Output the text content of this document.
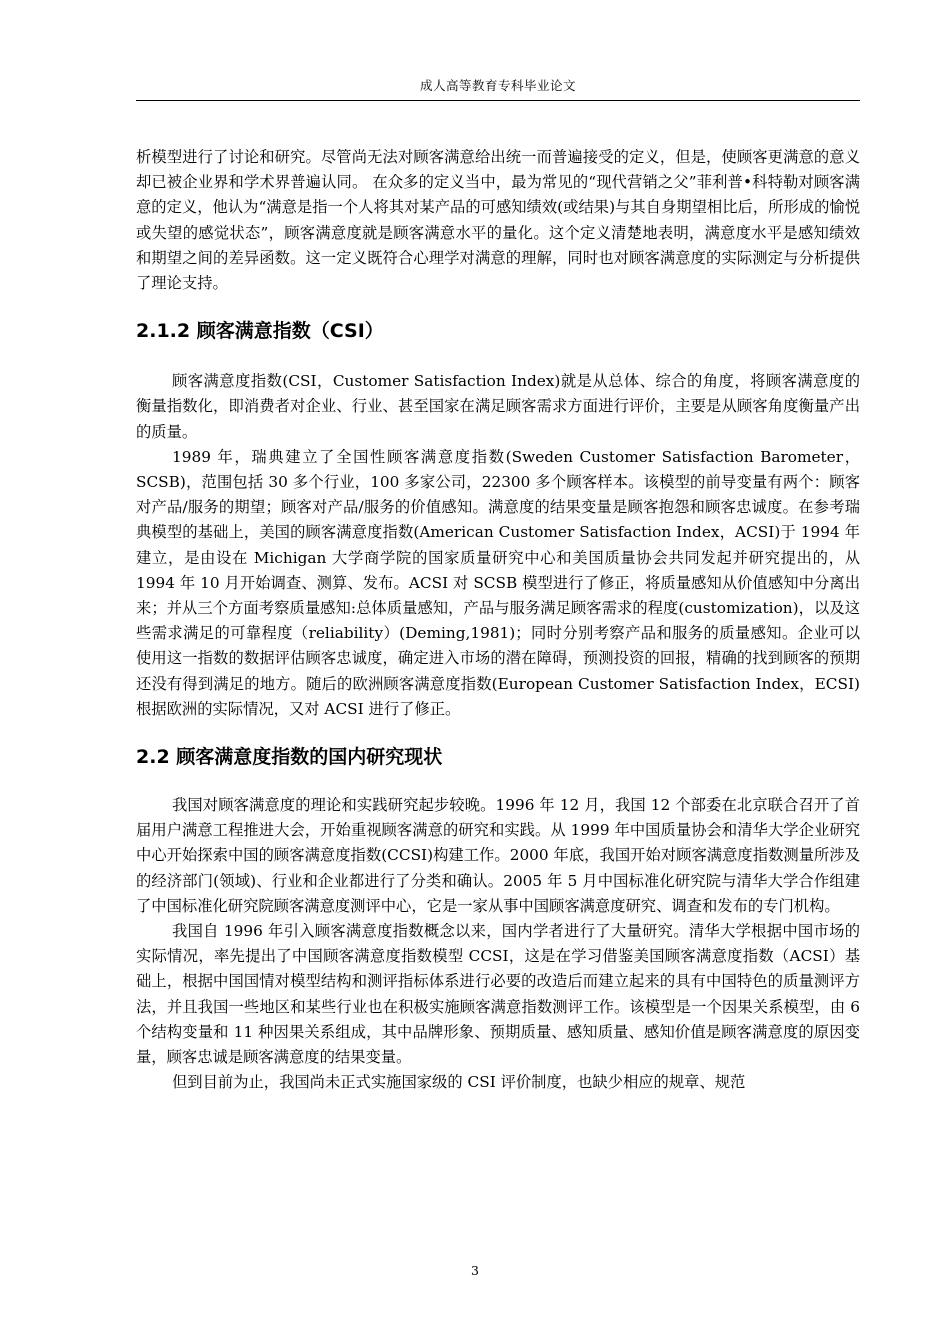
成人高等教育专科毕业论文

析模型进行了讨论和研究。尽管尚无法对顾客满意给出统一而普遍接受的定义，但是，使顾客更满意的意义却已被企业界和学术界普遍认同。 在众多的定义当中，最为常见的“现代营销之父”菲利普•科特勒对顾客满意的定义，他认为“满意是指一个人将其对某产品的可感知绩效(或结果)与其自身期望相比后，所形成的愉悦或失望的感觉状态”，顾客满意度就是顾客满意水平的量化。这个定义清楚地表明，满意度水平是感知绩效和期望之间的差异函数。这一定义既符合心理学对满意的理解，同时也对顾客满意度的实际测定与分析提供了理论支持。

2.1.2 顾客满意指数（CSI）

顾客满意度指数(CSI，Customer Satisfaction Index)就是从总体、综合的角度，将顾客满意度的衡量指数化，即消费者对企业、行业、甚至国家在满足顾客需求方面进行评价，主要是从顾客角度衡量产出的质量。

1989 年，瑞典建立了全国性顾客满意度指数(Sweden Customer Satisfaction Barometer，SCSB)，范围包括 30 多个行业，100 多家公司，22300 多个顾客样本。该模型的前导变量有两个：顾客对产品/服务的期望；顾客对产品/服务的价值感知。满意度的结果变量是顾客抱怨和顾客忠诚度。在参考瑞典模型的基础上，美国的顾客满意度指数(American Customer Satisfaction Index，ACSI)于 1994 年建立，是由设在 Michigan 大学商学院的国家质量研究中心和美国质量协会共同发起并研究提出的，从 1994 年 10 月开始调查、测算、发布。ACSI 对 SCSB 模型进行了修正，将质量感知从价值感知中分离出来；并从三个方面考察质量感知:总体质量感知，产品与服务满足顾客需求的程度(customization)，以及这些需求满足的可靠程度（reliability）(Deming,1981)；同时分别考察产品和服务的质量感知。企业可以使用这一指数的数据评估顾客忠诚度，确定进入市场的潜在障碍，预测投资的回报，精确的找到顾客的预期还没有得到满足的地方。随后的欧洲顾客满意度指数(European Customer Satisfaction Index，ECSI)根据欧洲的实际情况，又对 ACSI 进行了修正。

2.2 顾客满意度指数的国内研究现状

我国对顾客满意度的理论和实践研究起步较晚。1996 年 12 月，我国 12 个部委在北京联合召开了首届用户满意工程推进大会，开始重视顾客满意的研究和实践。从 1999 年中国质量协会和清华大学企业研究中心开始探索中国的顾客满意度指数(CCSI)构建工作。2000 年底，我国开始对顾客满意度指数测量所涉及的经济部门(领域)、行业和企业都进行了分类和确认。2005 年 5 月中国标准化研究院与清华大学合作组建了中国标准化研究院顾客满意度测评中心，它是一家从事中国顾客满意度研究、调查和发布的专门机构。

我国自 1996 年引入顾客满意度指数概念以来，国内学者进行了大量研究。清华大学根据中国市场的实际情况，率先提出了中国顾客满意度指数模型 CCSI，这是在学习借鉴美国顾客满意度指数（ACSI）基础上，根据中国国情对模型结构和测评指标体系进行必要的改造后而建立起来的具有中国特色的质量测评方法，并且我国一些地区和某些行业也在积极实施顾客满意指数测评工作。该模型是一个因果关系模型，由 6 个结构变量和 11 种因果关系组成，其中品牌形象、预期质量、感知质量、感知价值是顾客满意度的原因变量，顾客忠诚是顾客满意度的结果变量。

但到目前为止，我国尚未正式实施国家级的 CSI 评价制度，也缺少相应的规章、规范

3
